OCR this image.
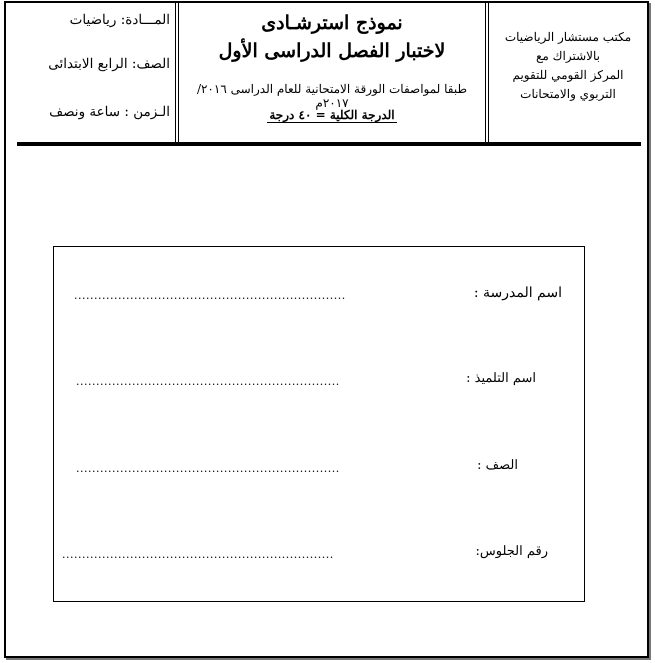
المـــادة: رياضيات
الصف: الرابع الابتدائى
الـزمن : ساعة ونصف
نموذج استرشـادى
لاختبار الفصل الدراسى الأول
طبقا لمواصفات الورقة الامتحانية للعام الدراسى ٢٠١٦/ ٢٠١٧م
الدرجة الكلية = ٤٠ درجة
مكتب مستشار الرياضيات
بالاشتراك مع
المركز القومي للتقويم
التربوي والامتحانات
اسم المدرسة :
....................................................................
اسم التلميذ :
..................................................................
الصف :
..................................................................
رقم الجلوس:
....................................................................
